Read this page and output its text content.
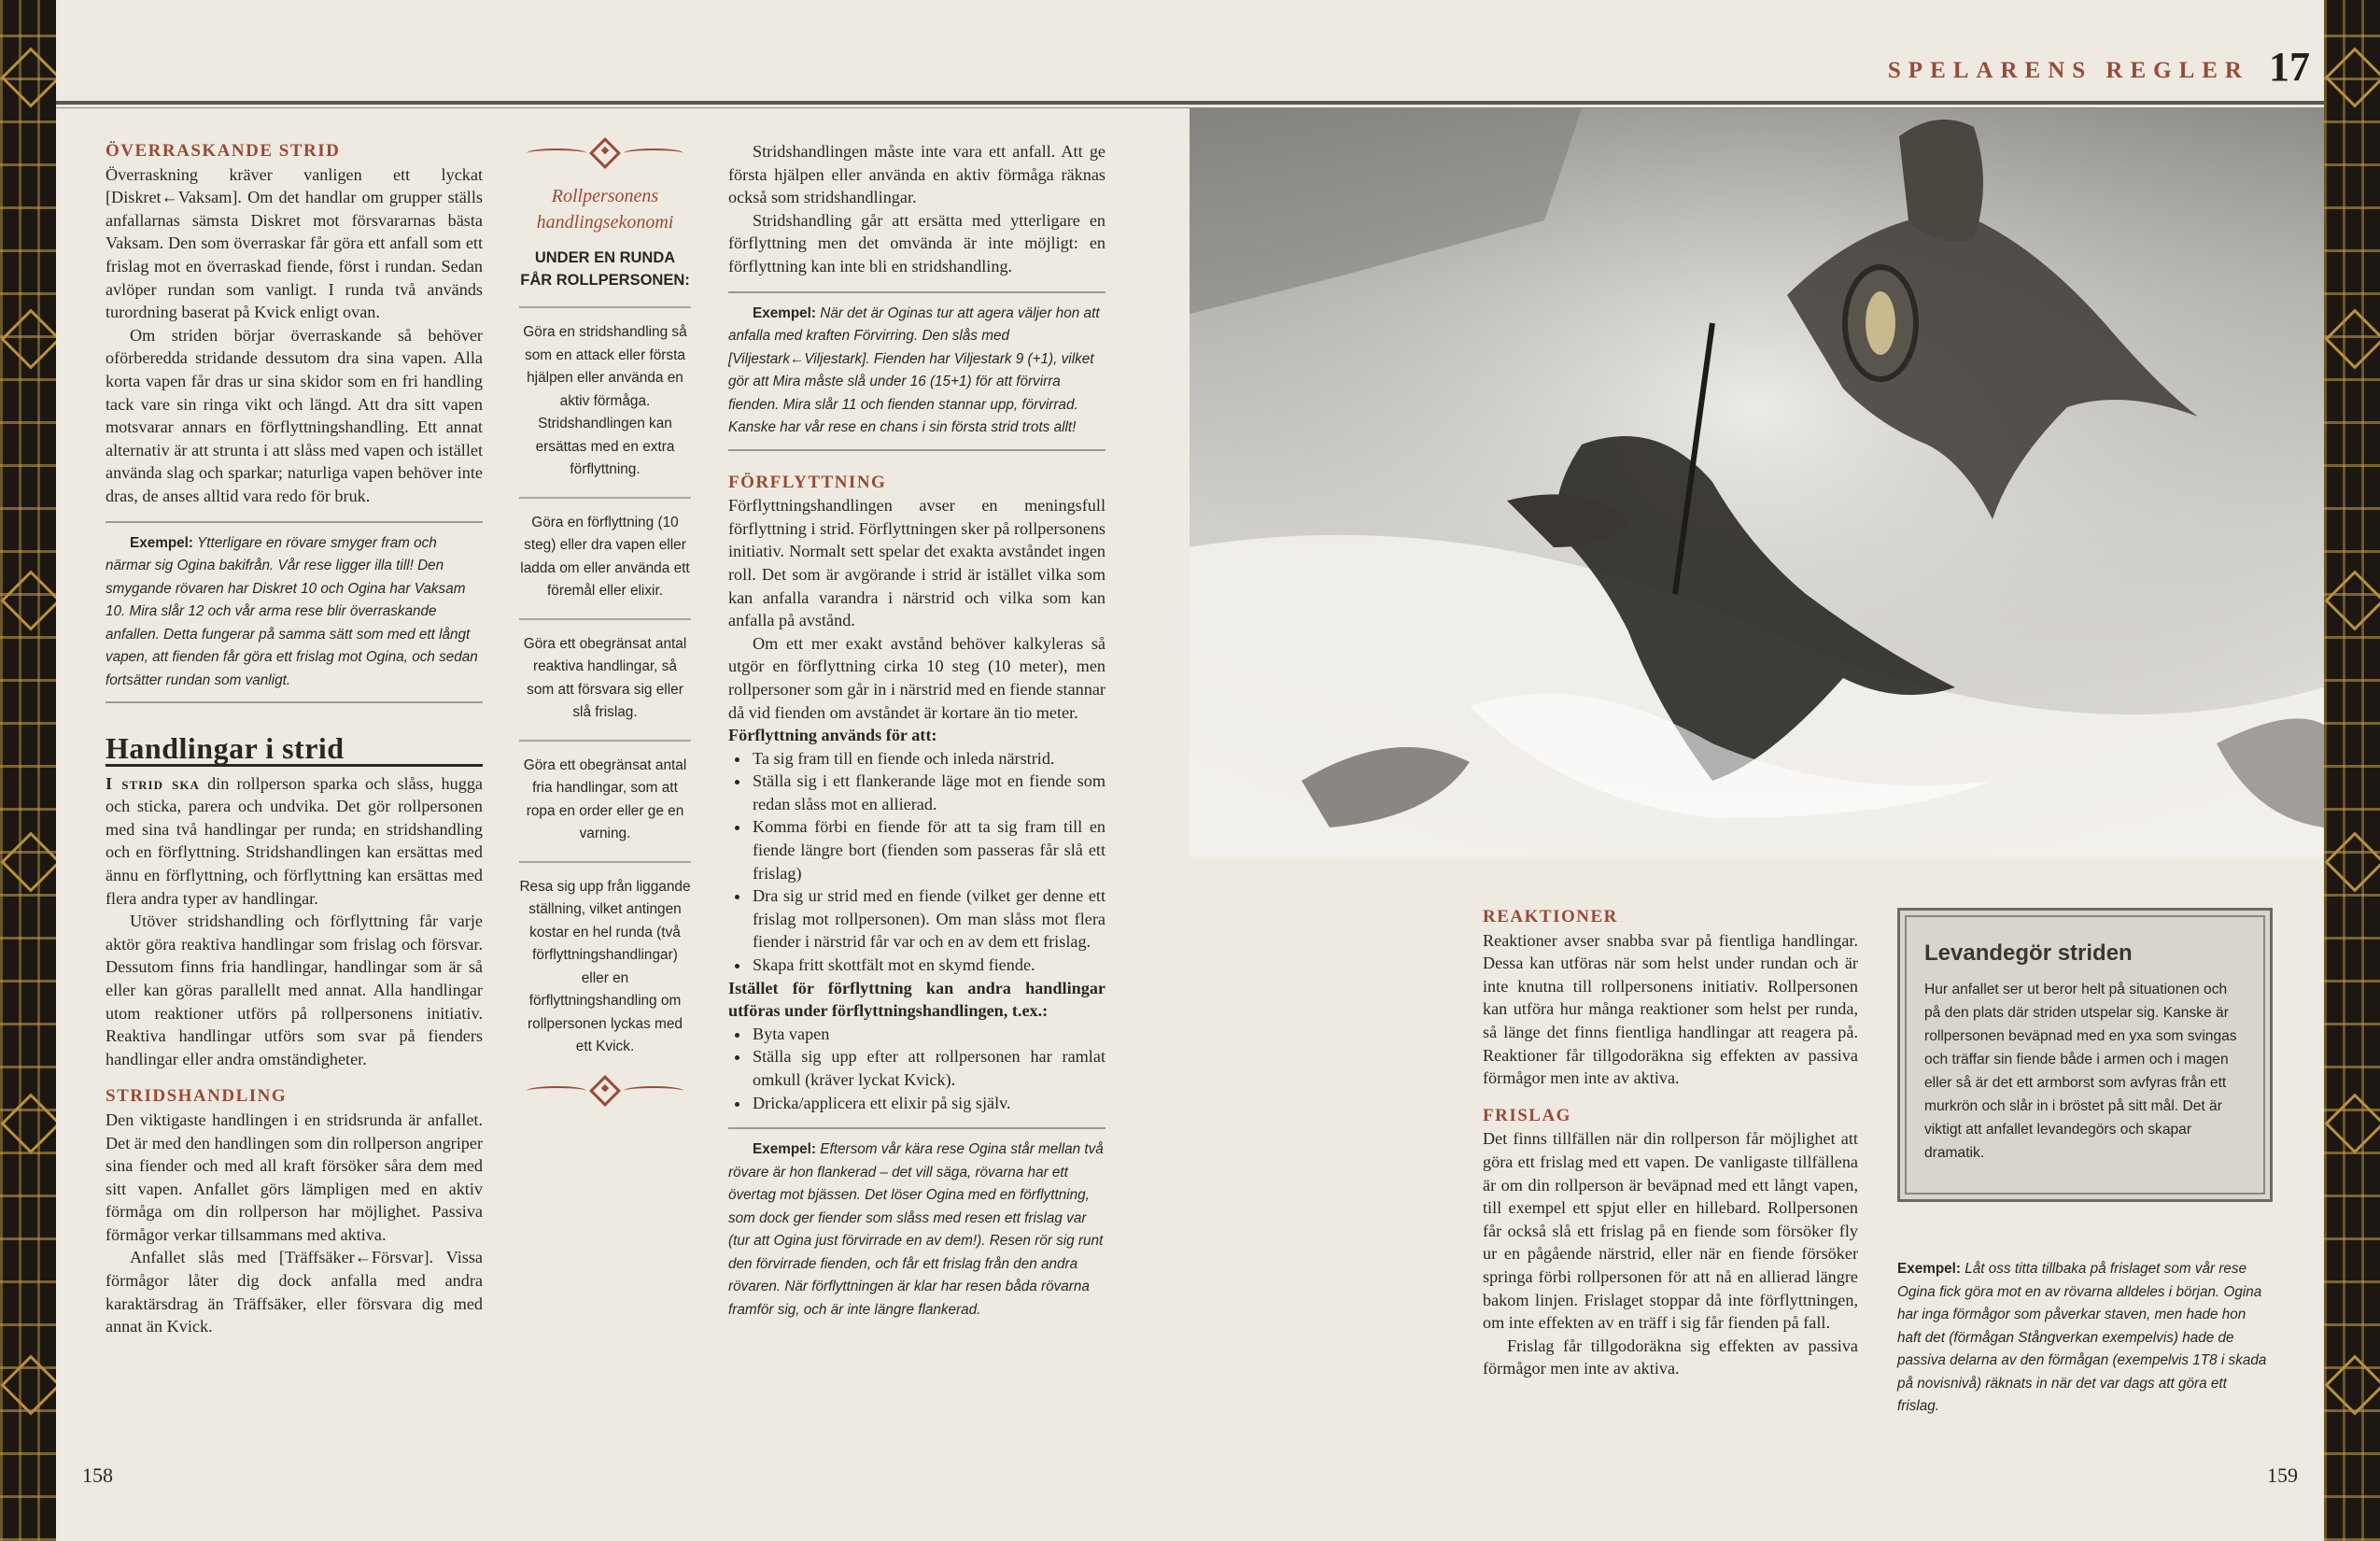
SPELARENS REGLER 17
ÖVERRASKANDE STRID

Överraskning kräver vanligen ett lyckat [Diskret←Vaksam]. Om det handlar om grupper ställs anfallarnas sämsta Diskret mot försvararnas bästa Vaksam. Den som överraskar får göra ett anfall som ett frislag mot en överraskad fiende, först i rundan. Sedan avlöper rundan som vanligt. I runda två används turordning baserat på Kvick enligt ovan.

Om striden börjar överraskande så behöver oförberedda stridande dessutom dra sina vapen. Alla korta vapen får dras ur sina skidor som en fri handling tack vare sin ringa vikt och längd. Att dra sitt vapen motsvarar annars en förflyttningshandling. Ett annat alternativ är att strunta i att slåss med vapen och istället använda slag och sparkar; naturliga vapen behöver inte dras, de anses alltid vara redo för bruk.

Exempel: Ytterligare en rövare smyger fram och närmar sig Ogina bakifrån. Vår rese ligger illa till! Den smygande rövaren har Diskret 10 och Ogina har Vaksam 10. Mira slår 12 och vår arma rese blir överraskande anfallen. Detta fungerar på samma sätt som med ett långt vapen, att fienden får göra ett frislag mot Ogina, och sedan fortsätter rundan som vanligt.

Handlingar i strid

I strid ska din rollperson sparka och slåss, hugga och sticka, parera och undvika. Det gör rollpersonen med sina två handlingar per runda; en stridshandling och en förflyttning. Stridshandlingen kan ersättas med ännu en förflyttning, och förflyttning kan ersättas med flera andra typer av handlingar.

Utöver stridshandling och förflyttning får varje aktör göra reaktiva handlingar som frislag och försvar. Dessutom finns fria handlingar, handlingar som är så eller kan göras parallellt med annat. Alla handlingar utom reaktioner utförs på rollpersonens initiativ. Reaktiva handlingar utförs som svar på fienders handlingar eller andra omständigheter.

STRIDSHANDLING

Den viktigaste handlingen i en stridsrunda är anfallet. Det är med den handlingen som din rollperson angriper sina fiender och med all kraft försöker såra dem med sitt vapen. Anfallet görs lämpligen med en aktiv förmåga om din rollperson har möjlighet. Passiva förmågor verkar tillsammans med aktiva.

Anfallet slås med [Träffsäker←Försvar]. Vissa förmågor låter dig dock anfalla med andra karaktärsdrag än Träffsäker, eller försvara dig med annat än Kvick.

Rollpersonens handlingsekonomi

UNDER EN RUNDA FÅR ROLLPERSONEN:

Göra en stridshandling så som en attack eller första hjälpen eller använda en aktiv förmåga. Stridshandlingen kan ersättas med en extra förflyttning.

Göra en förflyttning (10 steg) eller dra vapen eller ladda om eller använda ett föremål eller elixir.

Göra ett obegränsat antal reaktiva handlingar, så som att försvara sig eller slå frislag.

Göra ett obegränsat antal fria handlingar, som att ropa en order eller ge en varning.

Resa sig upp från liggande ställning, vilket antingen kostar en hel runda (två förflyttningshandlingar) eller en förflyttningshandling om rollpersonen lyckas med ett Kvick.

Stridshandlingen måste inte vara ett anfall. Att ge första hjälpen eller använda en aktiv förmåga räknas också som stridshandlingar.

Stridshandling går att ersätta med ytterligare en förflyttning men det omvända är inte möjligt: en förflyttning kan inte bli en stridshandling.

Exempel: När det är Oginas tur att agera väljer hon att anfalla med kraften Förvirring. Den slås med [Viljestark←Viljestark]. Fienden har Viljestark 9 (+1), vilket gör att Mira måste slå under 16 (15+1) för att förvirra fienden. Mira slår 11 och fienden stannar upp, förvirrad. Kanske har vår rese en chans i sin första strid trots allt!

FÖRFLYTTNING

Förflyttningshandlingen avser en meningsfull förflyttning i strid. Förflyttningen sker på rollpersonens initiativ. Normalt sett spelar det exakta avståndet ingen roll. Det som är avgörande i strid är istället vilka som kan anfalla varandra i närstrid och vilka som kan anfalla på avstånd.

Om ett mer exakt avstånd behöver kalkyleras så utgör en förflyttning cirka 10 steg (10 meter), men rollpersoner som går in i närstrid med en fiende stannar då vid fienden om avståndet är kortare än tio meter.

Förflyttning används för att:

• Ta sig fram till en fiende och inleda närstrid.
• Ställa sig i ett flankerande läge mot en fiende som redan slåss mot en allierad.
• Komma förbi en fiende för att ta sig fram till en fiende längre bort (fienden som passeras får slå ett frislag)
• Dra sig ur strid med en fiende (vilket ger denne ett frislag mot rollpersonen). Om man slåss mot flera fiender i närstrid får var och en av dem ett frislag.
• Skapa fritt skottfält mot en skymd fiende.

Istället för förflyttning kan andra handlingar utföras under förflyttningshandlingen, t.ex.:

• Byta vapen
• Ställa sig upp efter att rollpersonen har ramlat omkull (kräver lyckat Kvick).
• Dricka/applicera ett elixir på sig själv.

Exempel: Eftersom vår kära rese Ogina står mellan två rövare är hon flankerad – det vill säga, rövarna har ett övertag mot bjässen. Det löser Ogina med en förflyttning, som dock ger fiender som slåss med resen ett frislag var (tur att Ogina just förvirrade en av dem!). Resen rör sig runt den förvirrade fienden, och får ett frislag från den andra rövaren. När förflyttningen är klar har resen båda rövarna framför sig, och är inte längre flankerad.

REAKTIONER

Reaktioner avser snabba svar på fientliga handlingar. Dessa kan utföras när som helst under rundan och är inte knutna till rollpersonens initiativ. Rollpersonen kan utföra hur många reaktioner som helst per runda, så länge det finns fientliga handlingar att reagera på. Reaktioner får tillgodoräkna sig effekten av passiva förmågor men inte av aktiva.

FRISLAG

Det finns tillfällen när din rollperson får möjlighet att göra ett frislag med ett vapen. De vanligaste tillfällena är om din rollperson är beväpnad med ett långt vapen, till exempel ett spjut eller en hillebard. Rollpersonen får också slå ett frislag på en fiende som försöker fly ur en pågående närstrid, eller när en fiende försöker springa förbi rollpersonen för att nå en allierad längre bakom linjen. Frislaget stoppar då inte förflyttningen, om inte effekten av en träff i sig får fienden på fall.

Frislag får tillgodoräkna sig effekten av passiva förmågor men inte av aktiva.

Levandegör striden

Hur anfallet ser ut beror helt på situationen och på den plats där striden utspelar sig. Kanske är rollpersonen beväpnad med en yxa som svingas och träffar sin fiende både i armen och i magen eller så är det ett armborst som avfyras från ett murkrön och slår in i bröstet på sitt mål. Det är viktigt att anfallet levandegörs och skapar dramatik.

Exempel: Låt oss titta tillbaka på frislaget som vår rese Ogina fick göra mot en av rövarna alldeles i början. Ogina har inga förmågor som påverkar staven, men hade hon haft det (förmågan Stångverkan exempelvis) hade de passiva delarna av den förmågan (exempelvis 1T8 i skada på novisnivå) räknats in när det var dags att göra ett frislag.

158	159
